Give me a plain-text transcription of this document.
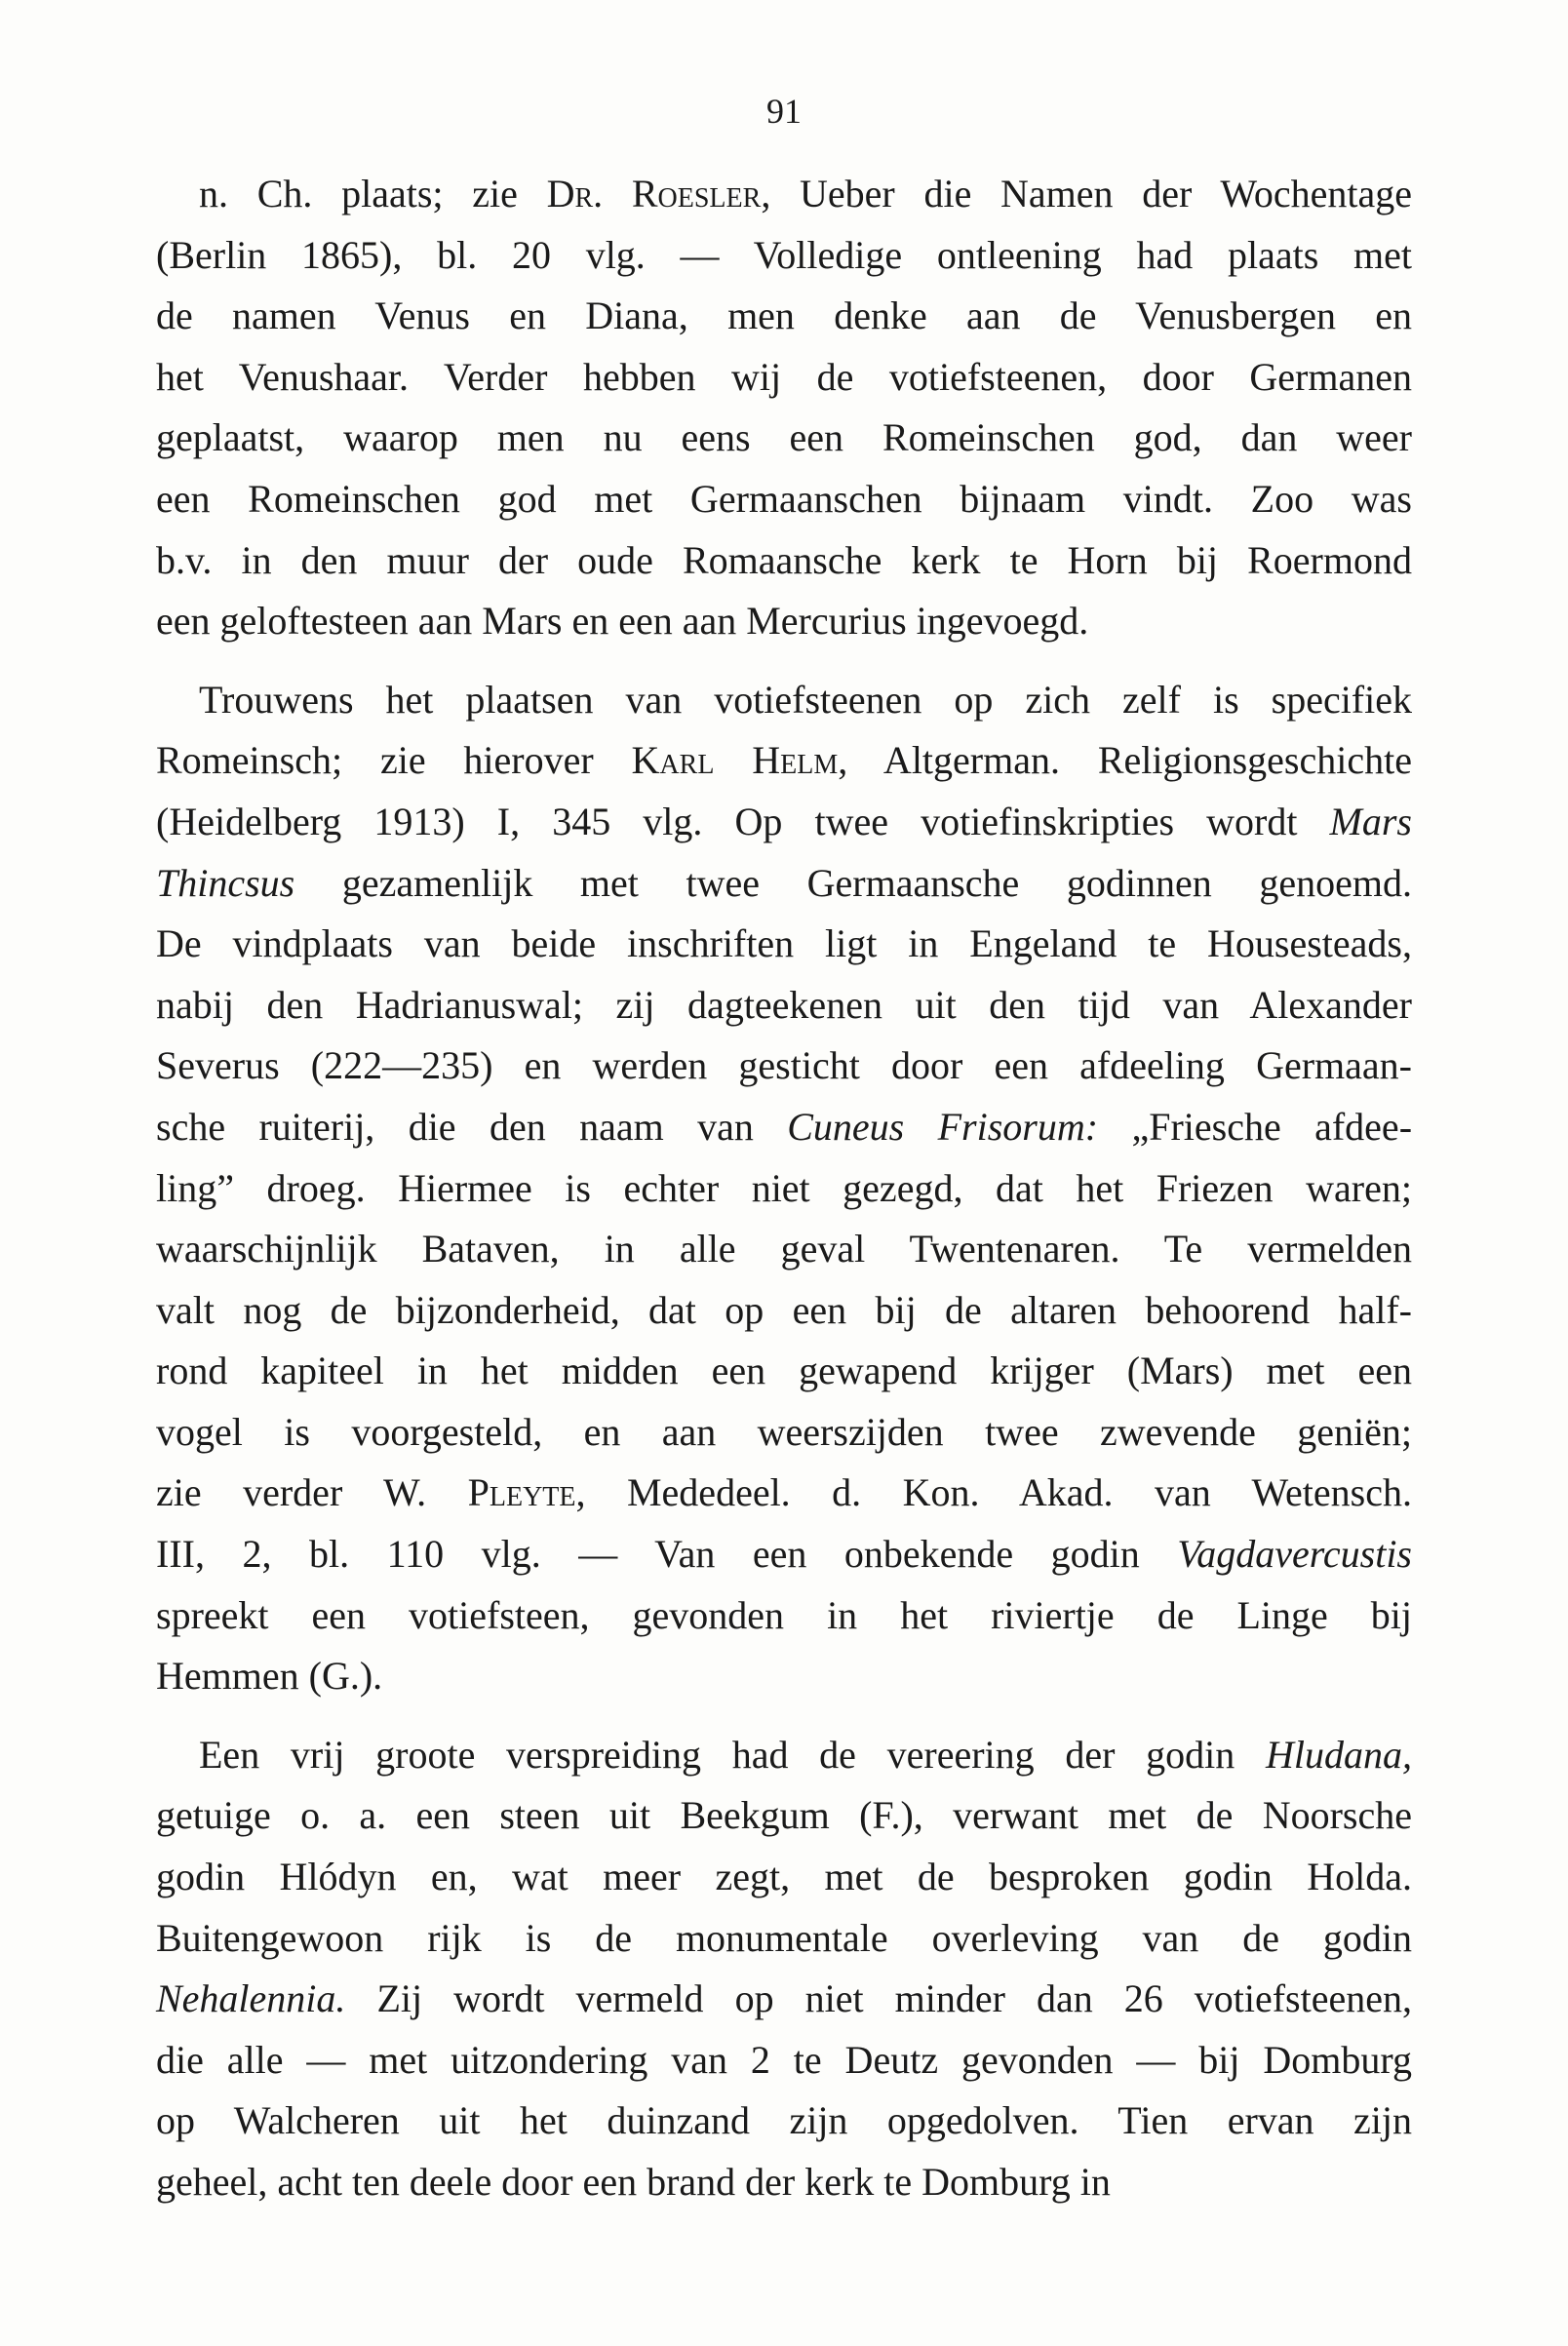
91
n. Ch. plaats; zie Dr. Roesler, Ueber die Namen der Wochentage
(Berlin 1865), bl. 20 vlg. — Volledige ontleening had plaats met
de namen Venus en Diana, men denke aan de Venusbergen en
het Venushaar. Verder hebben wij de votiefsteenen, door Germanen
geplaatst, waarop men nu eens een Romeinschen god, dan weer
een Romeinschen god met Germaanschen bijnaam vindt. Zoo was
b.v. in den muur der oude Romaansche kerk te Horn bij Roermond
een geloftesteen aan Mars en een aan Mercurius ingevoegd.
Trouwens het plaatsen van votiefsteenen op zich zelf is specifiek
Romeinsch; zie hierover Karl Helm, Altgerman. Religionsgeschichte
(Heidelberg 1913) I, 345 vlg. Op twee votiefinskripties wordt Mars
Thincsus gezamenlijk met twee Germaansche godinnen genoemd.
De vindplaats van beide inschriften ligt in Engeland te Housesteads,
nabij den Hadrianuswal; zij dagteekenen uit den tijd van Alexander
Severus (222—235) en werden gesticht door een afdeeling Germaan-
sche ruiterij, die den naam van Cuneus Frisorum: „Friesche afdee-
ling” droeg. Hiermee is echter niet gezegd, dat het Friezen waren;
waarschijnlijk Bataven, in alle geval Twentenaren. Te vermelden
valt nog de bijzonderheid, dat op een bij de altaren behoorend half-
rond kapiteel in het midden een gewapend krijger (Mars) met een
vogel is voorgesteld, en aan weerszijden twee zwevende geniën;
zie verder W. Pleyte, Mededeel. d. Kon. Akad. van Wetensch.
III, 2, bl. 110 vlg. — Van een onbekende godin Vagdavercustis
spreekt een votiefsteen, gevonden in het riviertje de Linge bij
Hemmen (G.).
Een vrij groote verspreiding had de vereering der godin Hludana,
getuige o. a. een steen uit Beekgum (F.), verwant met de Noorsche
godin Hlódyn en, wat meer zegt, met de besproken godin Holda.
Buitengewoon rijk is de monumentale overleving van de godin
Nehalennia. Zij wordt vermeld op niet minder dan 26 votiefsteenen,
die alle — met uitzondering van 2 te Deutz gevonden — bij Domburg
op Walcheren uit het duinzand zijn opgedolven. Tien ervan zijn
geheel, acht ten deele door een brand der kerk te Domburg in
